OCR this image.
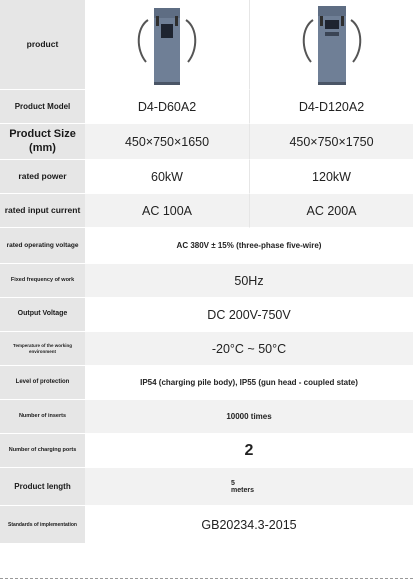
product
Product Model	D4-D60A2	D4-D120A2
Product Size (mm)	450×750×1650	450×750×1750
rated power	60kW	120kW
rated input current	AC 100A	AC 200A
rated operating voltage	AC 380V ± 15% (three-phase five-wire)
Fixed frequency of work	50Hz
Output Voltage	DC 200V-750V
Temperature of the working environment	-20°C ~ 50°C
Level of protection	IP54 (charging pile body), IP55 (gun head - coupled state)
Number of inserts	10000 times
Number of charging ports	2
Product length	5
meters
Standards of implementation	GB20234.3-2015
